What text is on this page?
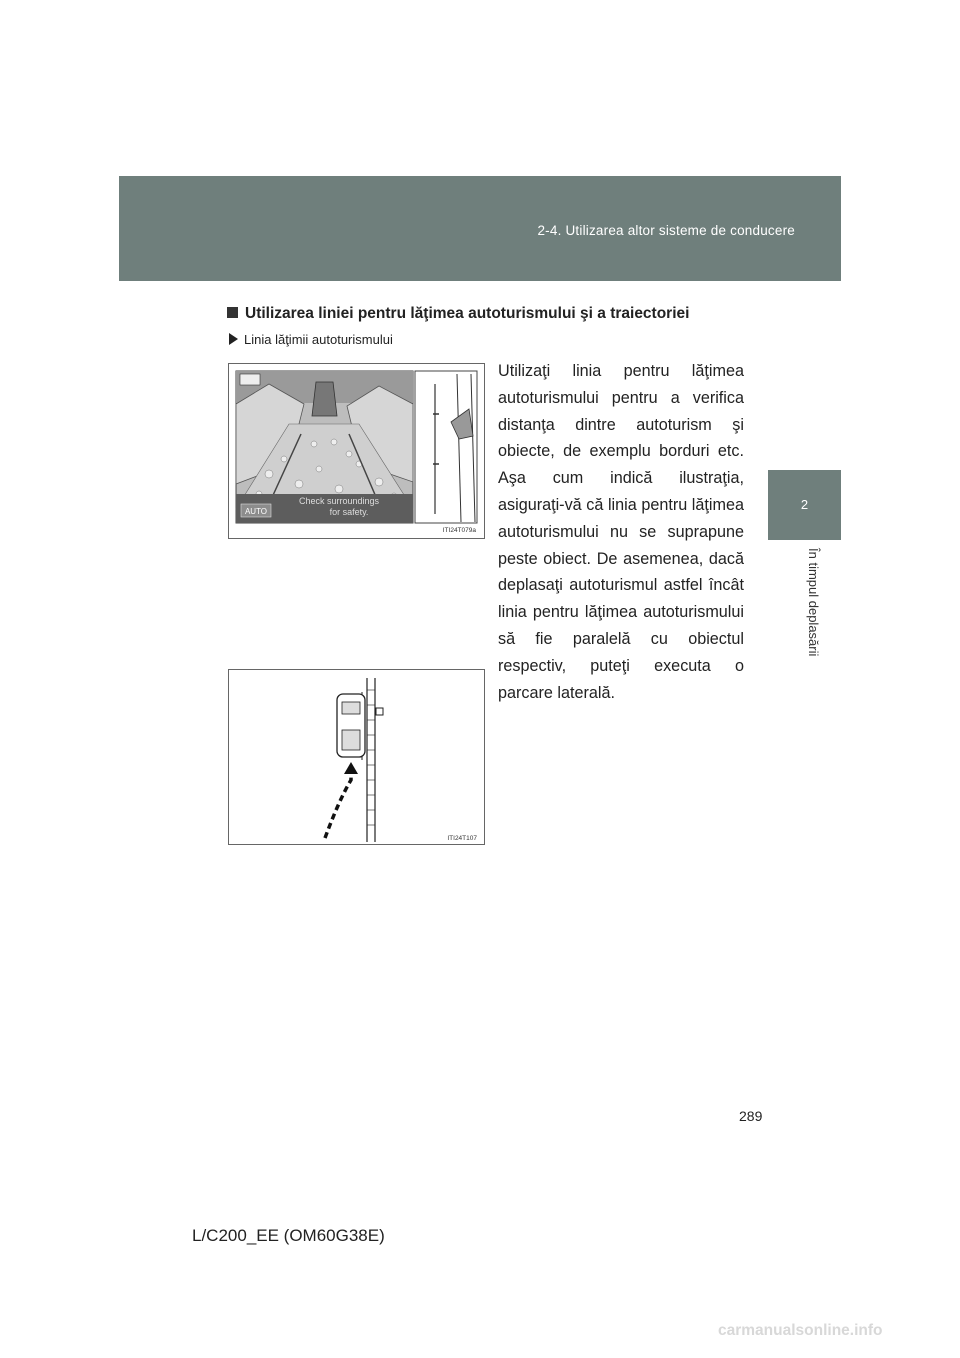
2-4. Utilizarea altor sisteme de conducere
2
În timpul deplasării
Utilizarea liniei pentru lăţimea autoturismului şi a traiectoriei
Linia lăţimii autoturismului
Utilizaţi linia pentru lăţimea autoturismului pentru a verifica distanţa dintre autoturism şi obiecte, de exemplu borduri etc. Aşa cum indică ilustraţia, asiguraţi-vă că linia pentru lăţimea autoturismului nu se suprapune peste obiect. De asemenea, dacă deplasaţi autoturismul astfel încât linia pentru lăţimea autoturismului să fie paralelă cu obiectul respectiv, puteţi executa o parcare laterală.
AUTO
Check surroundings
for safety.
ITI24T079a
ITI24T107
289
L/C200_EE (OM60G38E)
carmanualsonline.info
